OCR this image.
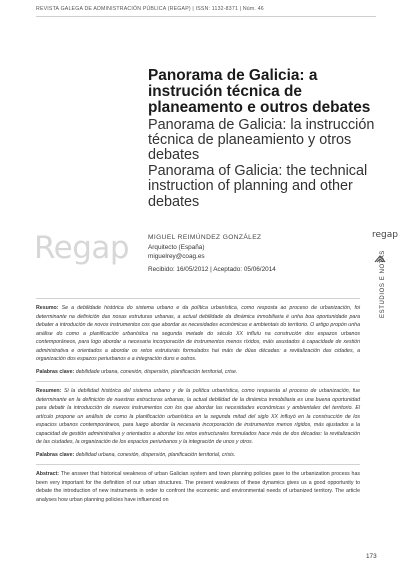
REVISTA GALEGA DE ADMINISTRACIÓN PÚBLICA (REGAP) | ISSN: 1132-8371 | Núm. 46
Panorama de Galicia: a instrución técnica de planeamento e outros debates
Panorama de Galicia: la instrucción técnica de planeamiento y otros debates
Panorama of Galicia: the technical instruction of planning and other debates
Regap	MIGUEL REIMÚNDEZ GONZÁLEZ
Arquitecto (España)
miguelrey@coag.es
Recibido: 16/05/2012 | Aceptado: 05/06/2014
regap
ESTUDIOS E NOTAS

Resumo: Se a debilidade histórica do sistema urbano e da política urbanística, como resposta ao proceso de urbanización, foi determinante na definición das nosas estruturas urbanas, a actual debilidade da dinámica inmobiliaria é unha boa oportunidade para debater a introdución de novos instrumentos cos que abordar as necesidades económicas e ambientais do territorio. O artigo propón unha análise do como a planificación urbanística na segunda metade do século XX influíu na construción dos espazos urbanos contemporáneos, para logo abordar a necesaria incorporación de instrumentos menos ríxidos, máis axustados á capacidade de xestión administrativa e orientados a abordar os retos estruturais formulados hai máis de dúas décadas: a revitalización das cidades, a organización dos espazos periurbanos e a integración duns e outros.

Palabras clave: debilidade urbana, conexión, dispersión, planificación territorial, crise.

Resumen: Si la debilidad histórica del sistema urbano y de la política urbanística, como respuesta al proceso de urbanización, fue determinante en la definición de nuestras estructuras urbanas, la actual debilidad de la dinámica inmobiliaria es una buena oportunidad para debatir la introducción de nuevos instrumentos con los que abordar las necesidades económicas y ambientales del territorio. El artículo propone un análisis de como la planificación urbanística en la segunda mitad del siglo XX influyó en la construcción de los espacios urbanos contemporáneos, para luego abordar la necesaria incorporación de instrumentos menos rígidos, más ajustados a la capacidad de gestión administrativa y orientados a abordar los retos estructurales formulados hace más de dos décadas: la revitalización de las ciudades, la organización de los espacios periurbanos y la integración de unos y otros.

Palabras clave: debilidad urbana, conexión, dispersión, planificación territorial, crisis.

Abstract: The answer that historical weakness of urban Galician system and town planning policies gave to the urbanization process has been very important for the definition of our urban structures. The present weakness of these dynamics gives us a good opportunity to debate the introduction of new instruments in order to confront the economic and environmental needs of urbanized territory. The article analyses how urban planning policies have influenced on

173
